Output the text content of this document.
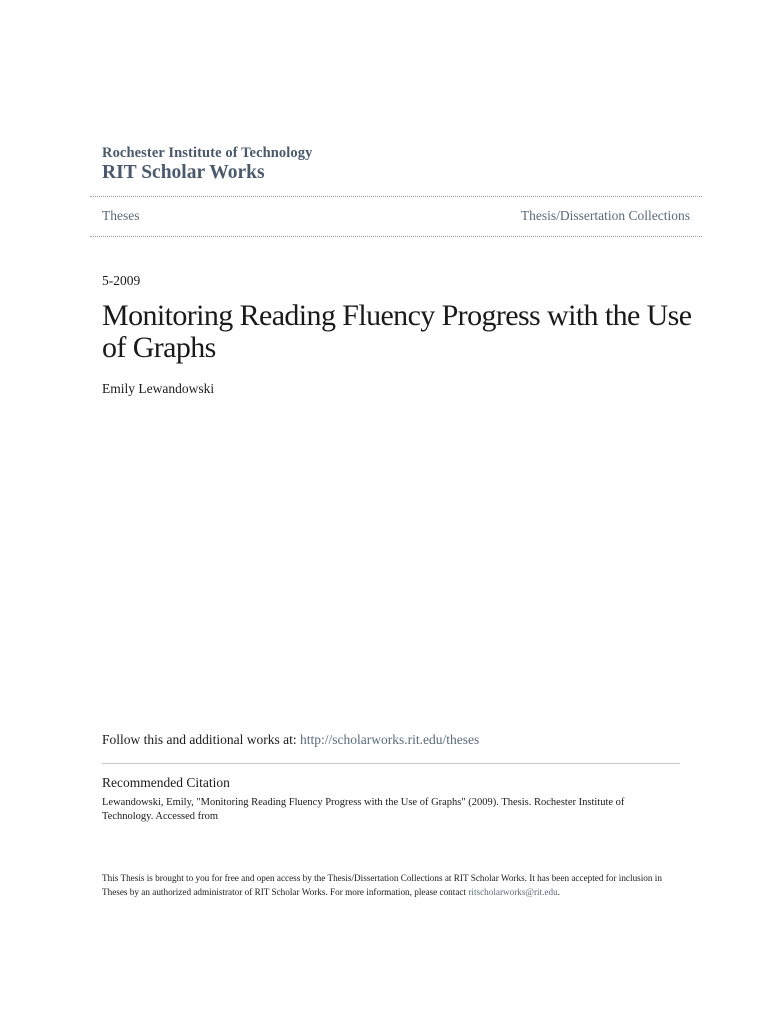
Rochester Institute of Technology
RIT Scholar Works
Theses	Thesis/Dissertation Collections
5-2009
Monitoring Reading Fluency Progress with the Use of Graphs
Emily Lewandowski
Follow this and additional works at: http://scholarworks.rit.edu/theses
Recommended Citation
Lewandowski, Emily, "Monitoring Reading Fluency Progress with the Use of Graphs" (2009). Thesis. Rochester Institute of Technology. Accessed from
This Thesis is brought to you for free and open access by the Thesis/Dissertation Collections at RIT Scholar Works. It has been accepted for inclusion in Theses by an authorized administrator of RIT Scholar Works. For more information, please contact ritscholarworks@rit.edu.
